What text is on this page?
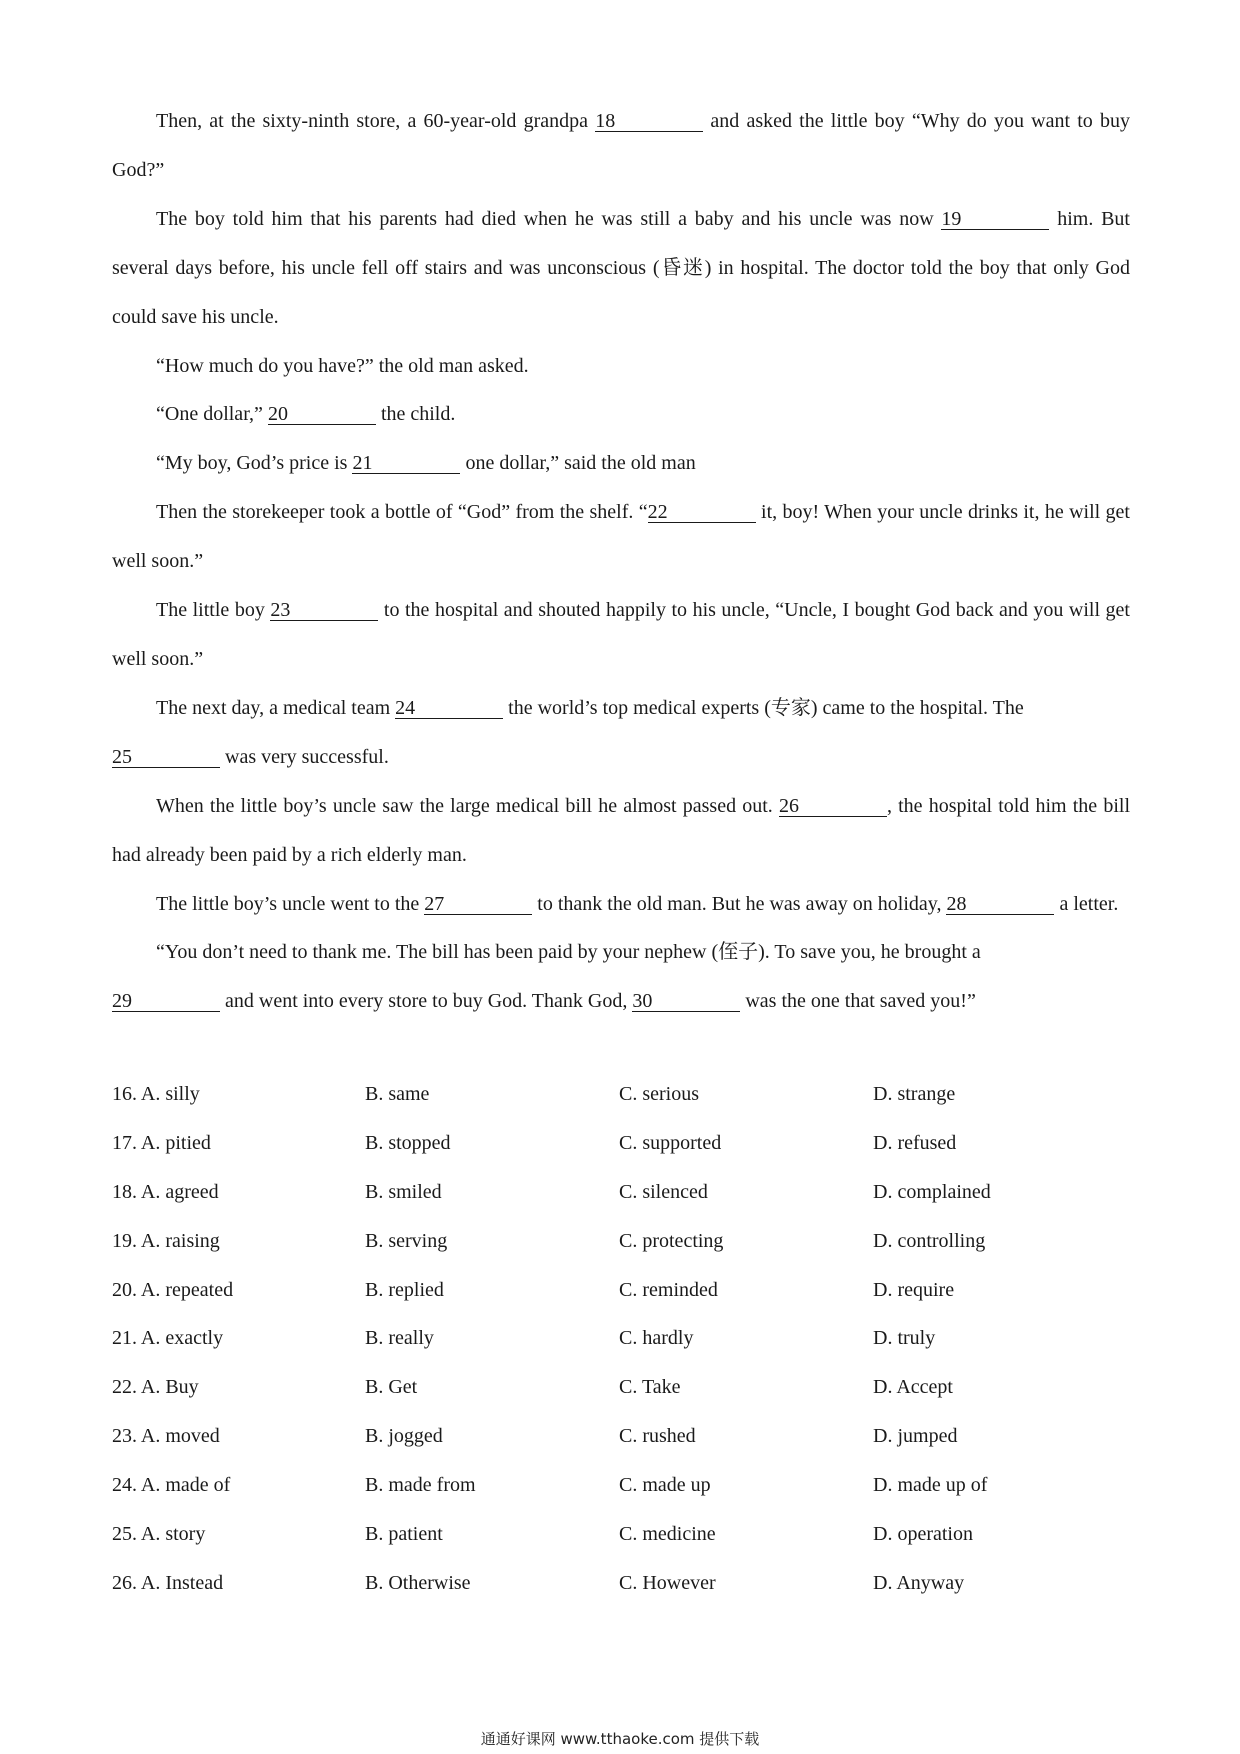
Then, at the sixty-ninth store, a 60-year-old grandpa 18	and asked the little boy “Why do you want to buy God?”

The boy told him that his parents had died when he was still a baby and his uncle was now 19	him. But several days before, his uncle fell off stairs and was unconscious (昏迷) in hospital. The doctor told the boy that only God could save his uncle.

“How much do you have?” the old man asked.

“One dollar,” 20	the child.

“My boy, God’s price is 21	one dollar,” said the old man

Then the storekeeper took a bottle of “God” from the shelf. “22	it, boy! When your uncle drinks it, he will get well soon.”

The little boy 23	to the hospital and shouted happily to his uncle, “Uncle, I bought God back and you will get well soon.”

The next day, a medical team 24	the world’s top medical experts (专家) came to the hospital. The

25	was very successful.

When the little boy’s uncle saw the large medical bill he almost passed out. 26	, the hospital told him the bill had already been paid by a rich elderly man.

The little boy’s uncle went to the 27	to thank the old man. But he was away on holiday, 28	a letter.

“You don’t need to thank me. The bill has been paid by your nephew (侄子). To save you, he brought a

29	and went into every store to buy God. Thank God, 30	was the one that saved you!”

16. A. silly	B. same	C. serious	D. strange
17. A. pitied	B. stopped	C. supported	D. refused
18. A. agreed	B. smiled	C. silenced	D. complained
19. A. raising	B. serving	C. protecting	D. controlling
20. A. repeated	B. replied	C. reminded	D. require
21. A. exactly	B. really	C. hardly	D. truly
22. A. Buy	B. Get	C. Take	D. Accept
23. A. moved	B. jogged	C. rushed	D. jumped
24. A. made of	B. made from	C. made up	D. made up of
25. A. story	B. patient	C. medicine	D. operation
26. A. Instead	B. Otherwise	C. However	D. Anyway
通通好课网 www.tthaoke.com 提供下载
